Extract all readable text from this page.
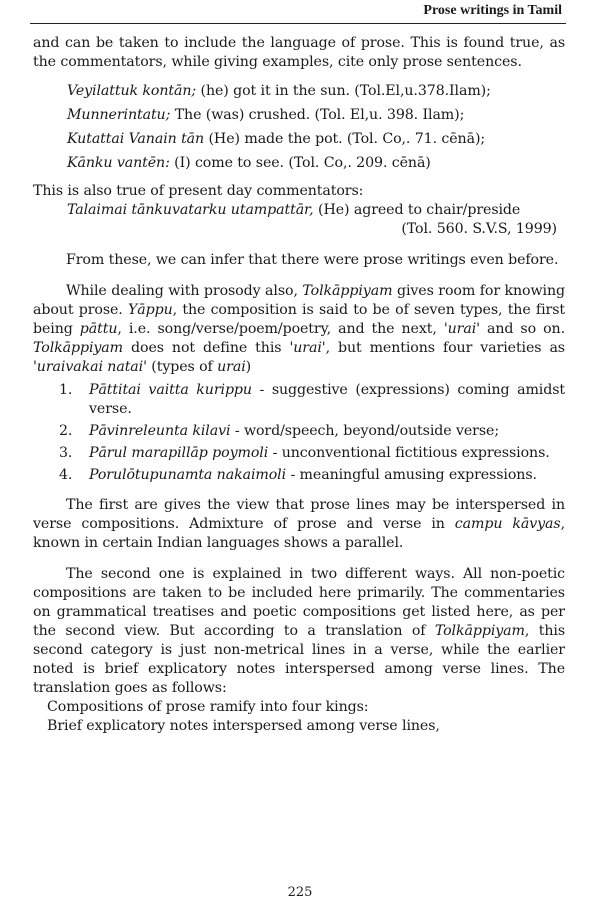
Prose writings in Tamil

and can be taken to include the language of prose. This is found true, as the commentators, while giving examples, cite only prose sentences.

Veyilattuk kontān; (he) got it in the sun. (Tol.El,u.378.Ilam);
Munnerintatu; The (was) crushed. (Tol. El,u. 398. Ilam);
Kutattai Vanain tān (He) made the pot. (Tol. Co,. 71. cēnā);
Kānku vantēn: (I) come to see. (Tol. Co,. 209. cēnā)

This is also true of present day commentators:

Talaimai tānkuvatarku utampattār, (He) agreed to chair/preside
(Tol. 560. S.V.S, 1999)

From these, we can infer that there were prose writings even before.

While dealing with prosody also, Tolkāppiyam gives room for knowing about prose. Yāppu, the composition is said to be of seven types, the first being pāttu, i.e. song/verse/poem/poetry, and the next, 'urai' and so on. Tolkāppiyam does not define this 'urai', but mentions four varieties as 'uraivakai natai' (types of urai)

1. Pāttitai vaitta kurippu - suggestive (expressions) coming amidst verse.
2. Pāvinreleunta kilavi - word/speech, beyond/outside verse;
3. Pārul marapillāp poymoli - unconventional fictitious expressions.
4. Porulōtupunamta nakaimoli - meaningful amusing expressions.

The first are gives the view that prose lines may be interspersed in verse compositions. Admixture of prose and verse in campu kāvyas, known in certain Indian languages shows a parallel.

The second one is explained in two different ways. All non-poetic compositions are taken to be included here primarily. The commentaries on grammatical treatises and poetic compositions get listed here, as per the second view. But according to a translation of Tolkāppiyam, this second category is just non-metrical lines in a verse, while the earlier noted is brief explicatory notes interspersed among verse lines. The translation goes as follows:

Compositions of prose ramify into four kings:

Brief explicatory notes interspersed among verse lines,

225
